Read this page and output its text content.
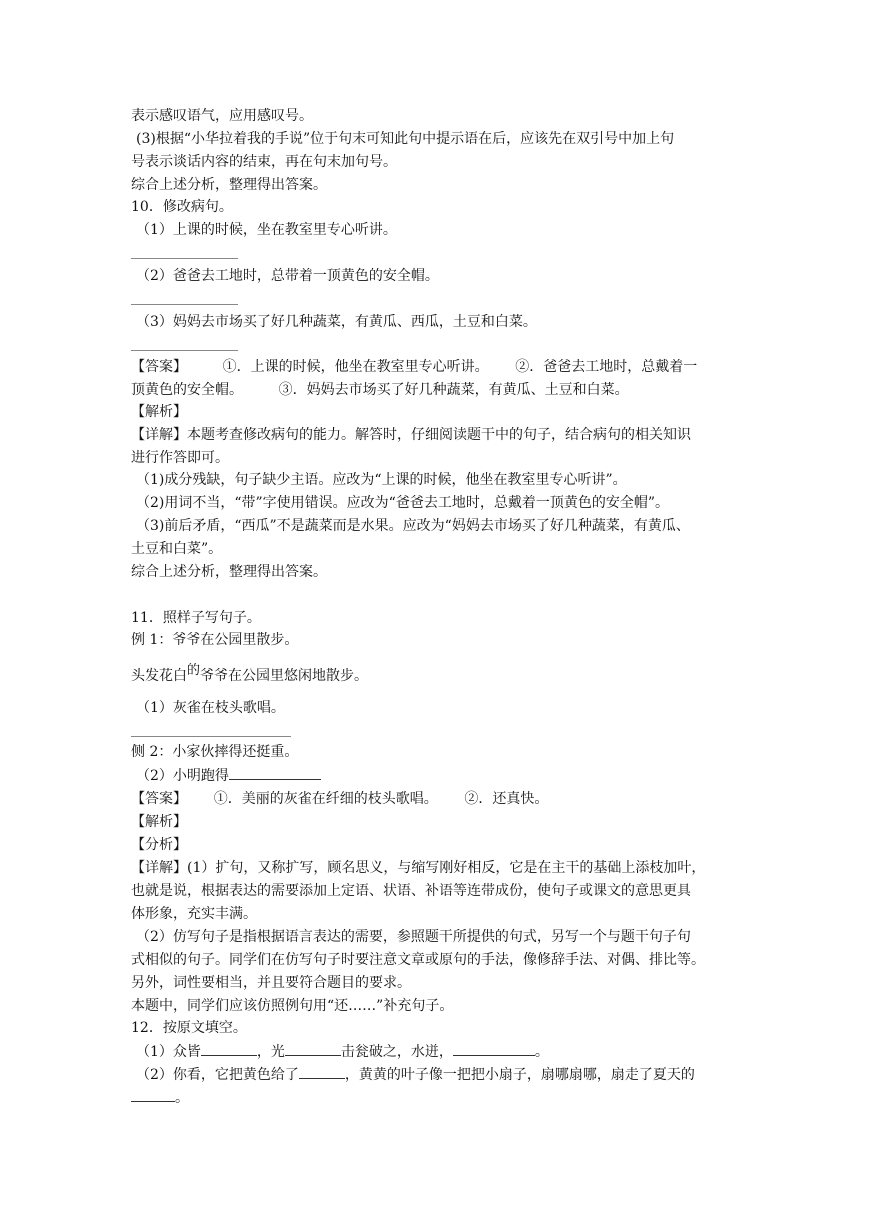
表示感叹语气，应用感叹号。
(3)根据“小华拉着我的手说”位于句末可知此句中提示语在后，应该先在双引号中加上句
号表示谈话内容的结束，再在句末加句号。
综合上述分析，整理得出答案。
10．修改病句。
（1）上课的时候，坐在教室里专心听讲。
（2）爸爸去工地时，总带着一顶黄色的安全帽。
（3）妈妈去市场买了好几种蔬菜，有黄瓜、西瓜，土豆和白菜。
【答案】        ①．上课的时候，他坐在教室里专心听讲。      ②．爸爸去工地时，总戴着一
顶黄色的安全帽。        ③．妈妈去市场买了好几种蔬菜，有黄瓜、土豆和白菜。
【解析】
【详解】本题考查修改病句的能力。解答时，仔细阅读题干中的句子，结合病句的相关知识
进行作答即可。
（1)成分残缺，句子缺少主语。应改为“上课的时候，他坐在教室里专心听讲”。
（2)用词不当，“带”字使用错误。应改为“爸爸去工地时，总戴着一顶黄色的安全帽”。
（3)前后矛盾，“西瓜”不是蔬菜而是水果。应改为“妈妈去市场买了好几种蔬菜，有黄瓜、
土豆和白菜”。
综合上述分析，整理得出答案。
11．照样子写句子。
例 1：爷爷在公园里散步。
头发花白的爷爷在公园里悠闲地散步。
（1）灰雀在枝头歌唱。
侧 2：小家伙摔得还挺重。
（2）小明跑得
【答案】      ①．美丽的灰雀在纤细的枝头歌唱。      ②．还真快。
【解析】
【分析】
【详解】(1）扩句，又称扩写，顾名思义，与缩写刚好相反，它是在主干的基础上添枝加叶，
也就是说，根据表达的需要添加上定语、状语、补语等连带成份，使句子或课文的意思更具
体形象，充实丰满。
（2）仿写句子是指根据语言表达的需要，参照题干所提供的句式，另写一个与题干句子句
式相似的句子。同学们在仿写句子时要注意文章或原句的手法，像修辞手法、对偶、排比等。
另外，词性要相当，并且要符合题目的要求。
本题中，同学们应该仿照例句用“还……”补充句子。
12．按原文填空。
（1）众皆	，光	击瓮破之，水迸，	。
（2）你看，它把黄色给了	，黄黄的叶子像一把把小扇子，扇哪扇哪，扇走了夏天的
。
